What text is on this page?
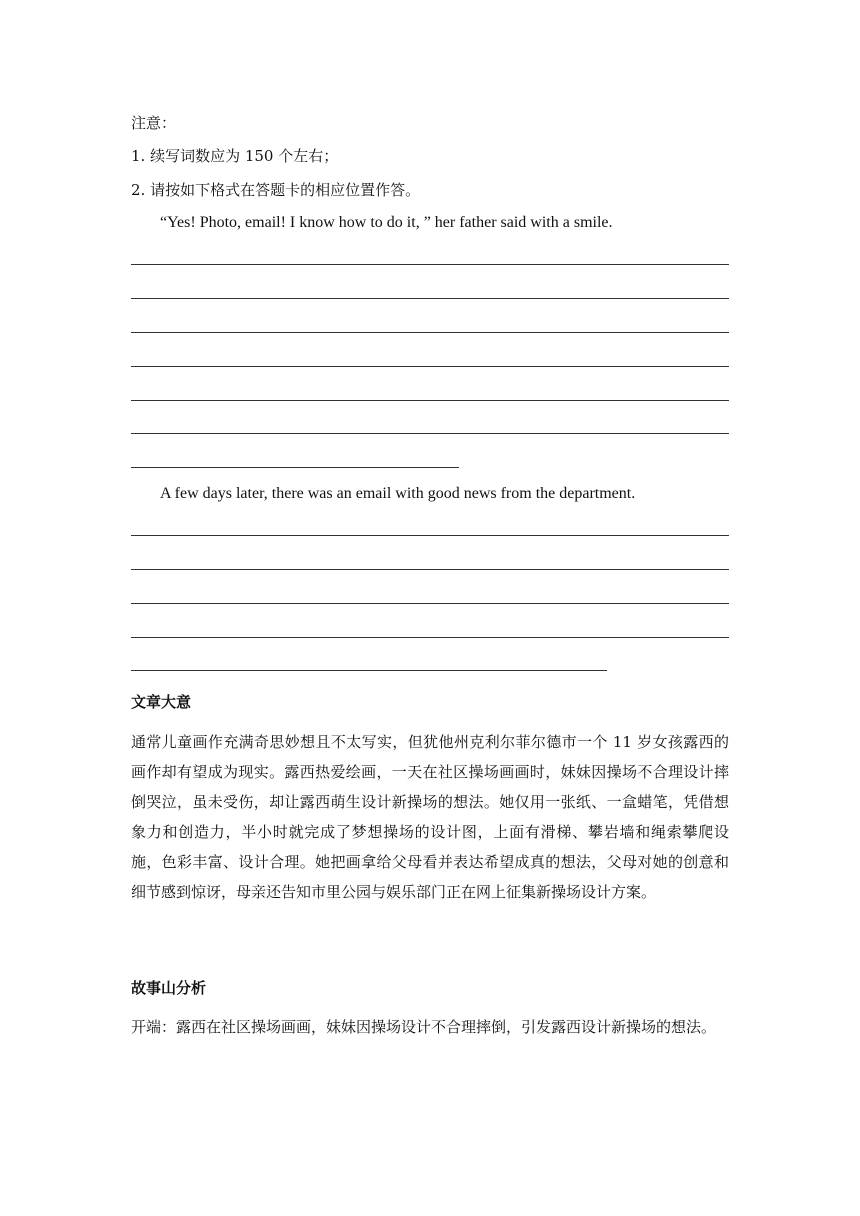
注意：
1. 续写词数应为 150 个左右；
2. 请按如下格式在答题卡的相应位置作答。
“Yes! Photo, email! I know how to do it, ” her father said with a smile.
A few days later, there was an email with good news from the department.
文章大意
通常儿童画作充满奇思妙想且不太写实，但犹他州克利尔菲尔德市一个 11 岁女孩露西的画作却有望成为现实。露西热爱绘画，一天在社区操场画画时，妹妹因操场不合理设计摔倒哭泣，虽未受伤，却让露西萌生设计新操场的想法。她仅用一张纸、一盒蜡笔，凭借想象力和创造力，半小时就完成了梦想操场的设计图，上面有滑梯、攀岩墙和绳索攀爬设施，色彩丰富、设计合理。她把画拿给父母看并表达希望成真的想法，父母对她的创意和细节感到惊讶，母亲还告知市里公园与娱乐部门正在网上征集新操场设计方案。
故事山分析
开端：露西在社区操场画画，妹妹因操场设计不合理摔倒，引发露西设计新操场的想法。
